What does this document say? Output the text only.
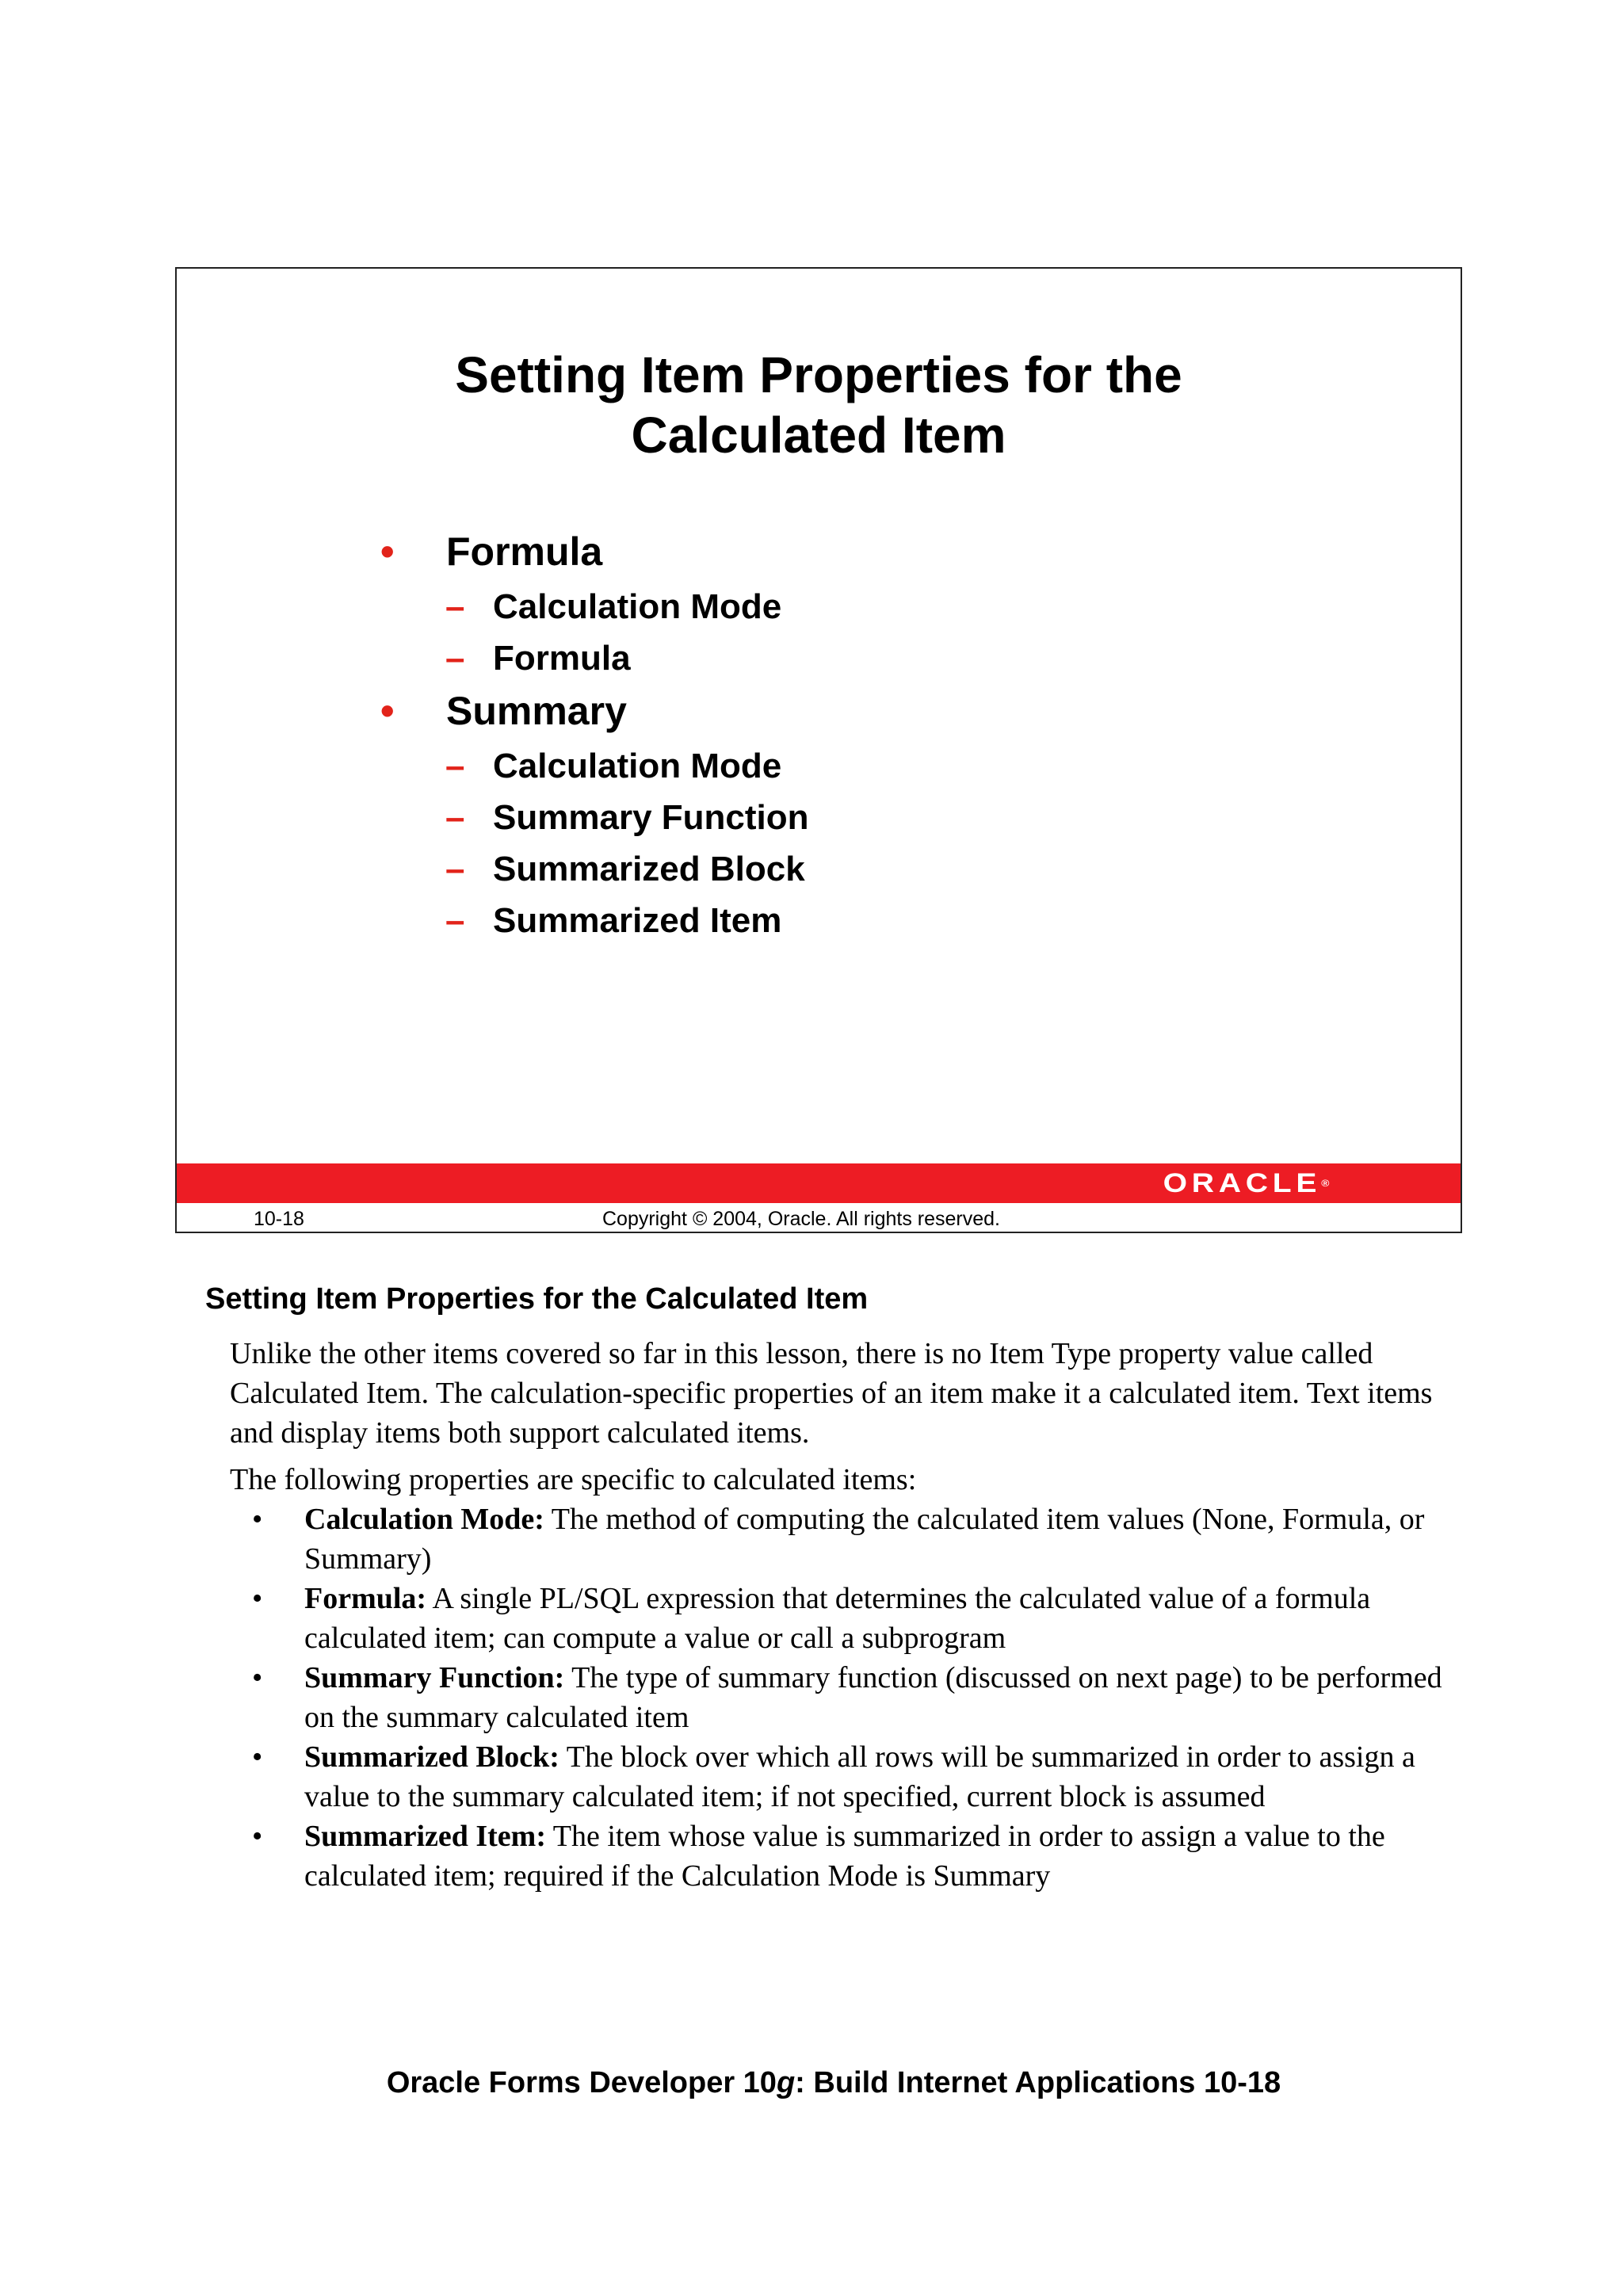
Setting Item Properties for the
Calculated Item
• Formula
– Calculation Mode
– Formula
• Summary
– Calculation Mode
– Summary Function
– Summarized Block
– Summarized Item
ORACLE®
10-18	Copyright © 2004, Oracle. All rights reserved.
Setting Item Properties for the Calculated Item
Unlike the other items covered so far in this lesson, there is no Item Type property value called Calculated Item. The calculation-specific properties of an item make it a calculated item. Text items and display items both support calculated items.
The following properties are specific to calculated items:
• Calculation Mode: The method of computing the calculated item values (None, Formula, or Summary)
• Formula: A single PL/SQL expression that determines the calculated value of a formula calculated item; can compute a value or call a subprogram
• Summary Function: The type of summary function (discussed on next page) to be performed on the summary calculated item
• Summarized Block: The block over which all rows will be summarized in order to assign a value to the summary calculated item; if not specified, current block is assumed
• Summarized Item: The item whose value is summarized in order to assign a value to the calculated item; required if the Calculation Mode is Summary
Oracle Forms Developer 10g: Build Internet Applications 10-18
